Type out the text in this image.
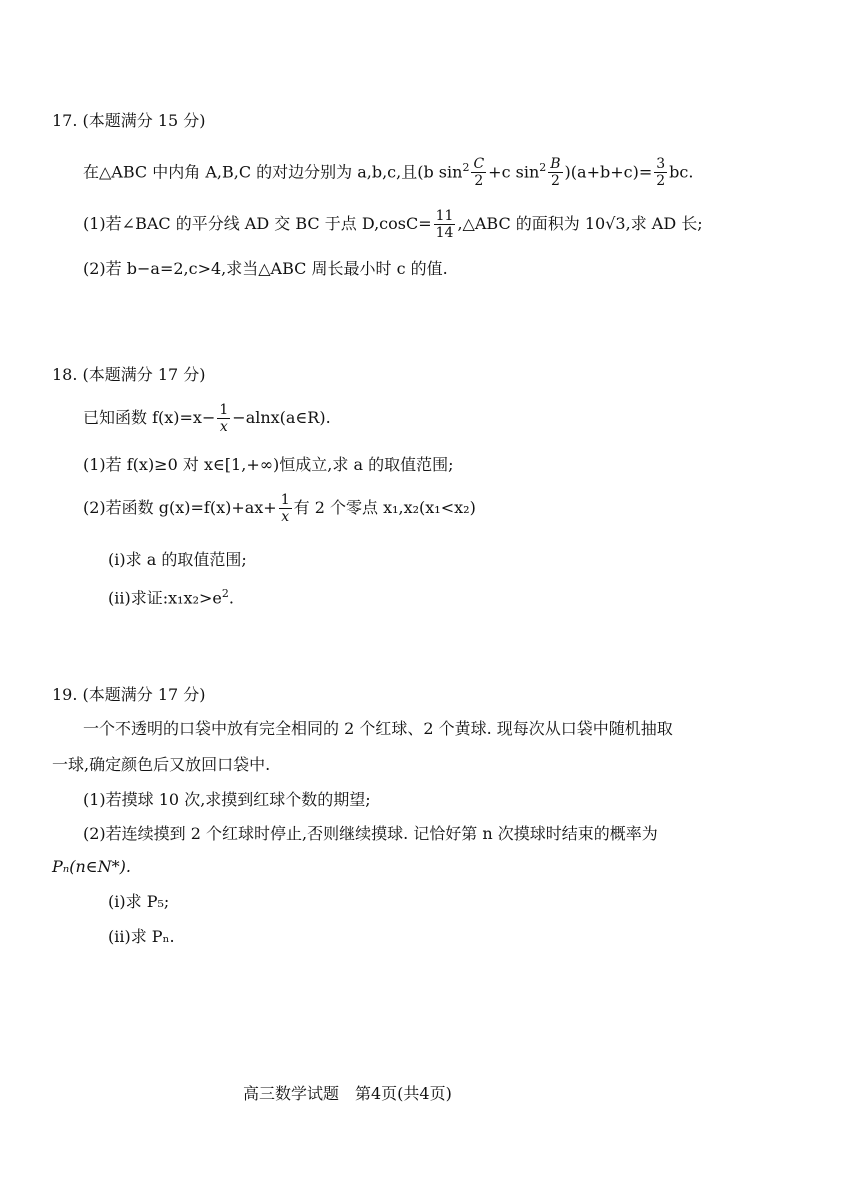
17. (本题满分 15 分)
在△ABC 中内角 A,B,C 的对边分别为 a,b,c,且(b $\sin^2 \frac{C}{2} +c$ $\sin^2 \frac{B}{2} )(a+b+c)= \frac{3}{2}$ bc.
(1)若∠BAC 的平分线 AD 交 BC 于点 $D,\cos C= \frac{11}{14}$ ,△ABC 的面积为 10√3,求 AD 长;
(2)若 b−a=2,c>4,求当△ABC 周长最小时 c 的值.
18. (本题满分 17 分)
已知函数 $f(x)=x- \frac{1}{x}$ −alnx(a∈R).
(1)若 f(x)≥0 对 x∈[1,+∞)恒成立,求 a 的取值范围;
(2)若函数 $g(x)=f(x)+ax+ \frac{1}{x}$ 有 2 个零点 x₁,x₂(x₁<x₂)
(i)求 a 的取值范围;
(ii)求证$:x_1x_2>e^2$.
19. (本题满分 17 分)
一个不透明的口袋中放有完全相同的 2 个红球、2 个黄球. 现每次从口袋中随机抽取
一球,确定颜色后又放回口袋中.
(1)若摸球 10 次,求摸到红球个数的期望;
(2)若连续摸到 2 个红球时停止,否则继续摸球. 记恰好第 n 次摸球时结束的概率为
Pₙ(n∈N*).
(i)求 P₅;
(ii)求 Pₙ.
高三数学试题　第4页(共4页)
